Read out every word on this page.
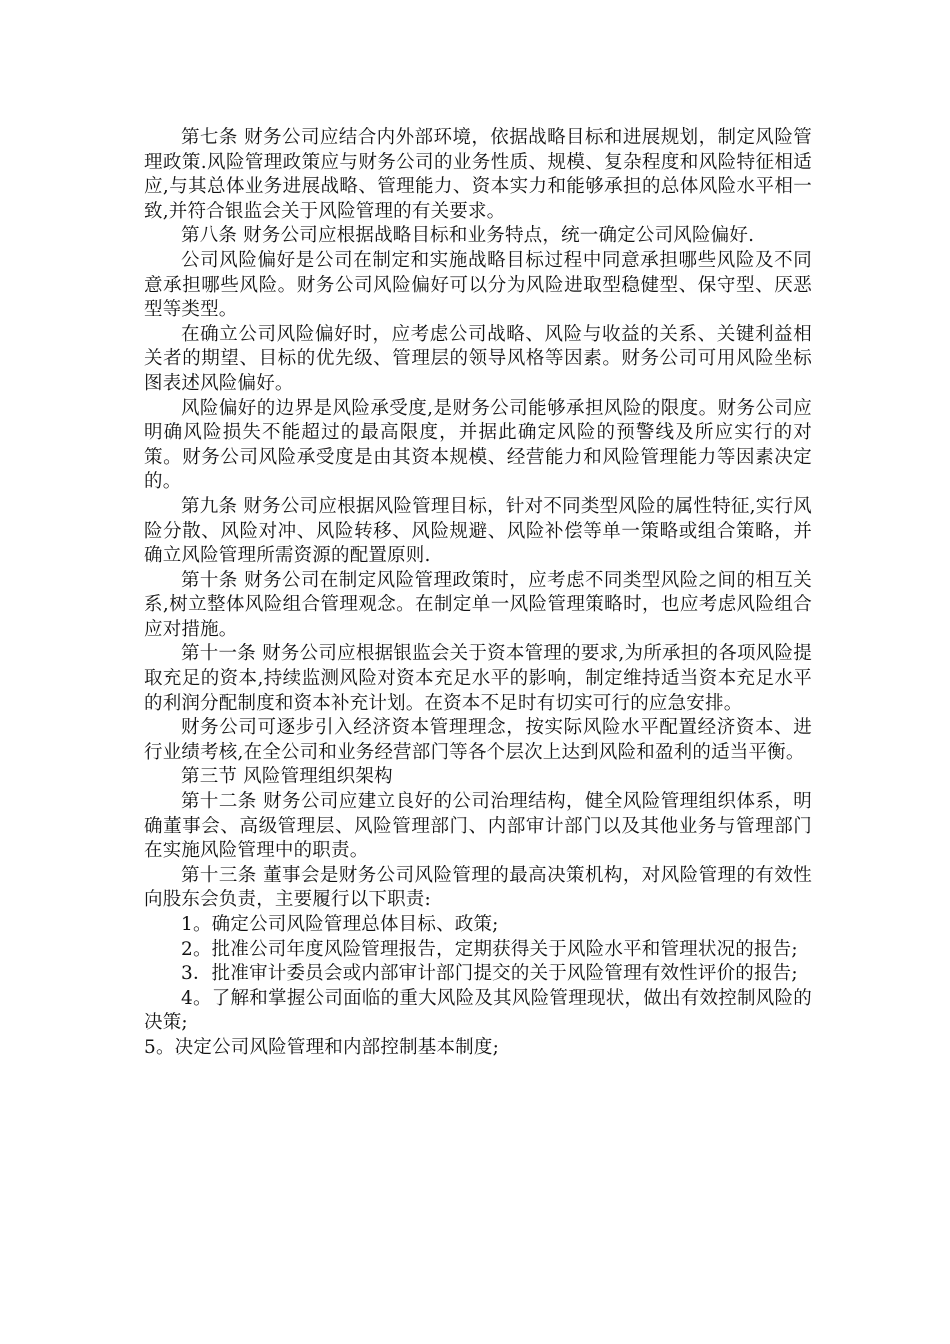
第七条 财务公司应结合内外部环境，依据战略目标和进展规划，制定风险管理政策.风险管理政策应与财务公司的业务性质、规模、复杂程度和风险特征相适应,与其总体业务进展战略、管理能力、资本实力和能够承担的总体风险水平相一致,并符合银监会关于风险管理的有关要求。

第八条 财务公司应根据战略目标和业务特点，统一确定公司风险偏好.

公司风险偏好是公司在制定和实施战略目标过程中同意承担哪些风险及不同意承担哪些风险。财务公司风险偏好可以分为风险进取型稳健型、保守型、厌恶型等类型。

在确立公司风险偏好时，应考虑公司战略、风险与收益的关系、关键利益相关者的期望、目标的优先级、管理层的领导风格等因素。财务公司可用风险坐标图表述风险偏好。

风险偏好的边界是风险承受度,是财务公司能够承担风险的限度。财务公司应明确风险损失不能超过的最高限度，并据此确定风险的预警线及所应实行的对策。财务公司风险承受度是由其资本规模、经营能力和风险管理能力等因素决定的。

第九条 财务公司应根据风险管理目标，针对不同类型风险的属性特征,实行风险分散、风险对冲、风险转移、风险规避、风险补偿等单一策略或组合策略，并确立风险管理所需资源的配置原则.

第十条 财务公司在制定风险管理政策时，应考虑不同类型风险之间的相互关系,树立整体风险组合管理观念。在制定单一风险管理策略时，也应考虑风险组合应对措施。

第十一条 财务公司应根据银监会关于资本管理的要求,为所承担的各项风险提取充足的资本,持续监测风险对资本充足水平的影响，制定维持适当资本充足水平的利润分配制度和资本补充计划。在资本不足时有切实可行的应急安排。

财务公司可逐步引入经济资本管理理念，按实际风险水平配置经济资本、进行业绩考核,在全公司和业务经营部门等各个层次上达到风险和盈利的适当平衡。

第三节 风险管理组织架构

第十二条 财务公司应建立良好的公司治理结构，健全风险管理组织体系，明确董事会、高级管理层、风险管理部门、内部审计部门以及其他业务与管理部门在实施风险管理中的职责。

第十三条 董事会是财务公司风险管理的最高决策机构，对风险管理的有效性向股东会负责，主要履行以下职责:

1。确定公司风险管理总体目标、政策;

2。批准公司年度风险管理报告，定期获得关于风险水平和管理状况的报告;

3．批准审计委员会或内部审计部门提交的关于风险管理有效性评价的报告;

4。了解和掌握公司面临的重大风险及其风险管理现状，做出有效控制风险的决策;

5。决定公司风险管理和内部控制基本制度;
